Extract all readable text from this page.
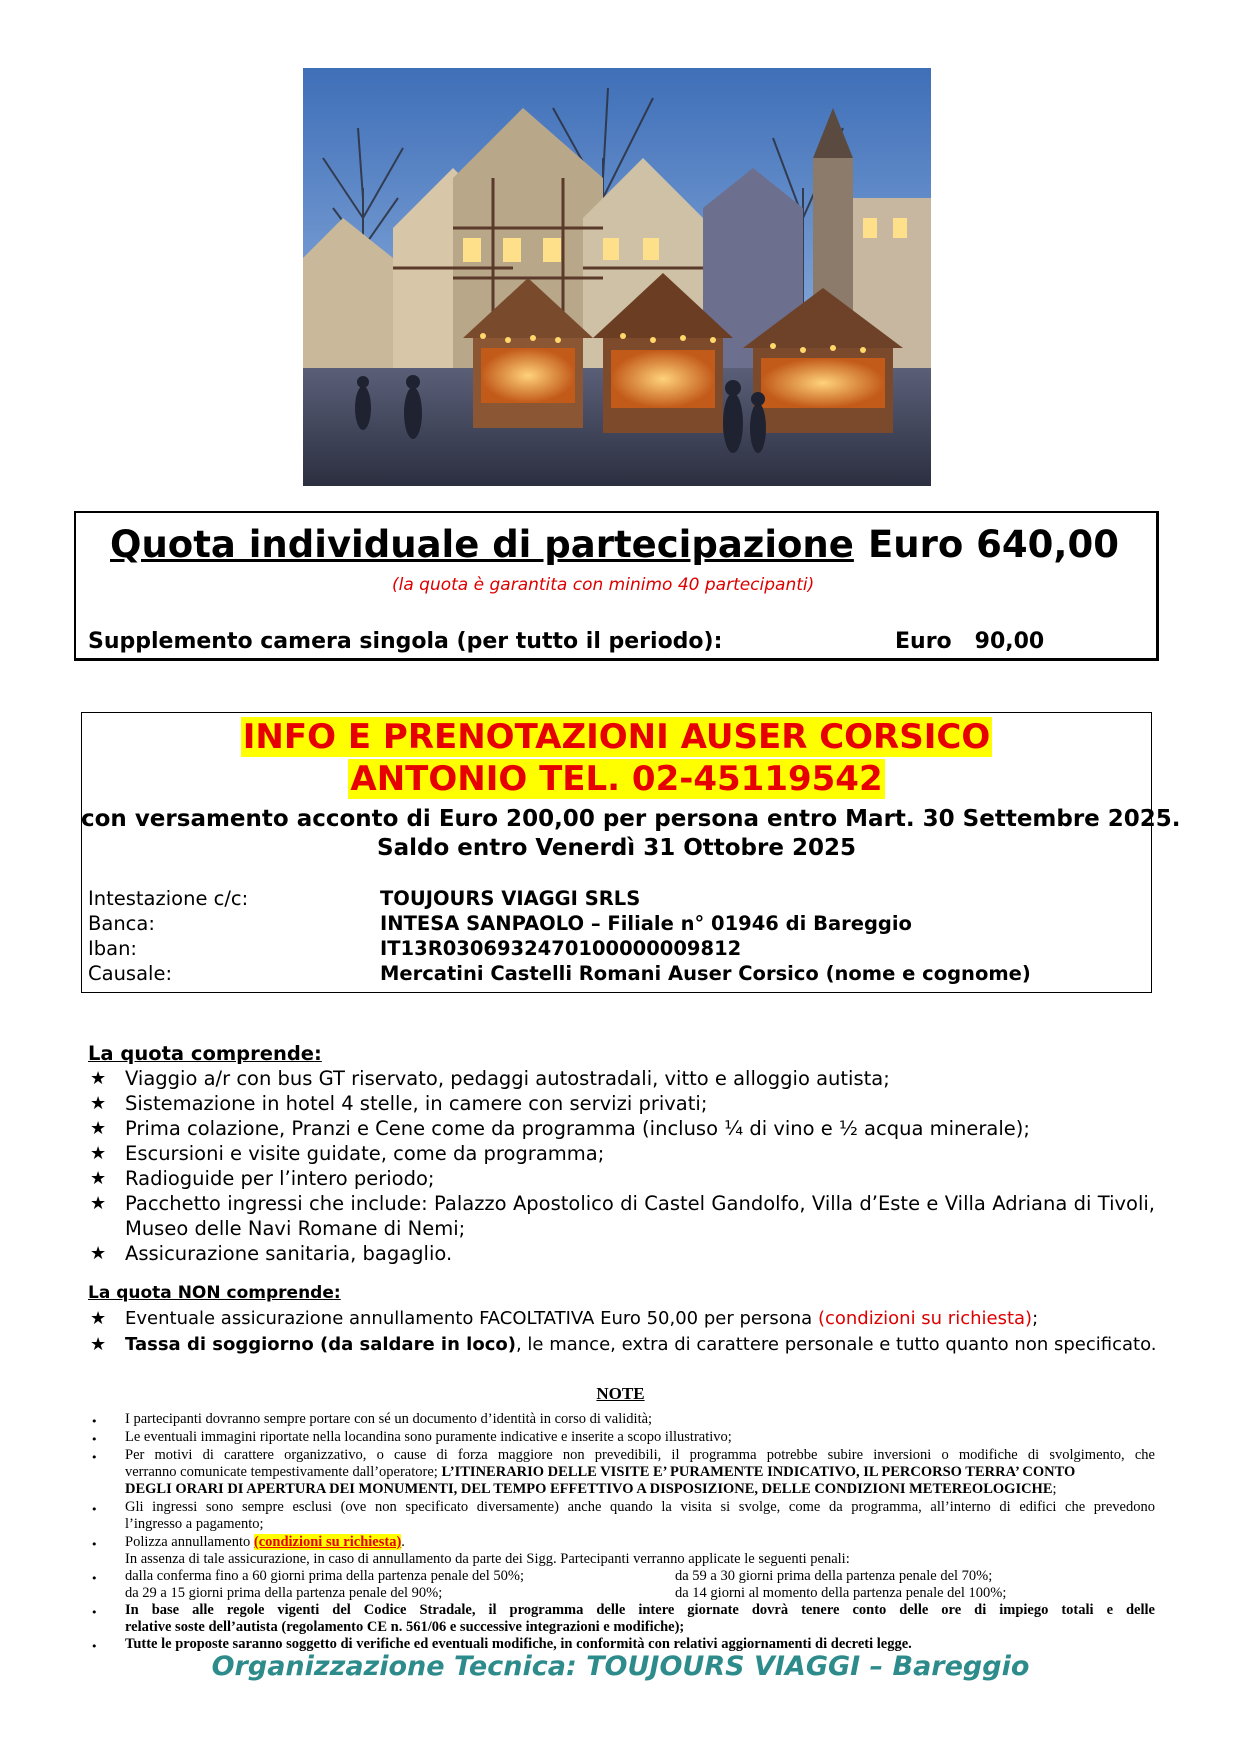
Quota individuale di partecipazione Euro 640,00
(la quota è garantita con minimo 40 partecipanti)
Supplemento camera singola (per tutto il periodo):	Euro   90,00
INFO E PRENOTAZIONI AUSER CORSICO
ANTONIO TEL. 02-45119542
con versamento acconto di Euro 200,00 per persona entro Mart. 30 Settembre 2025.
Saldo entro Venerdì 31 Ottobre 2025
Intestazione c/c:	TOUJOURS VIAGGI SRLS
Banca:	INTESA SANPAOLO – Filiale n° 01946 di Bareggio
Iban:	IT13R0306932470100000009812
Causale:	Mercatini Castelli Romani Auser Corsico (nome e cognome)
La quota comprende:
★ Viaggio a/r con bus GT riservato, pedaggi autostradali, vitto e alloggio autista;
★ Sistemazione in hotel 4 stelle, in camere con servizi privati;
★ Prima colazione, Pranzi e Cene come da programma (incluso ¼ di vino e ½ acqua minerale);
★ Escursioni e visite guidate, come da programma;
★ Radioguide per l’intero periodo;
★ Pacchetto ingressi che include: Palazzo Apostolico di Castel Gandolfo, Villa d’Este e Villa Adriana di Tivoli,
Museo delle Navi Romane di Nemi;
★ Assicurazione sanitaria, bagaglio.
La quota NON comprende:
★ Eventuale assicurazione annullamento FACOLTATIVA Euro 50,00 per persona (condizioni su richiesta);
★ Tassa di soggiorno (da saldare in loco), le mance, extra di carattere personale e tutto quanto non specificato.
NOTE
• I partecipanti dovranno sempre portare con sé un documento d’identità in corso di validità;
• Le eventuali immagini riportate nella locandina sono puramente indicative e inserite a scopo illustrativo;
• Per motivi di carattere organizzativo, o cause di forza maggiore non prevedibili, il programma potrebbe subire inversioni o modifiche di svolgimento, che
verranno comunicate tempestivamente dall’operatore; L’ITINERARIO DELLE VISITE E’ PURAMENTE INDICATIVO, IL PERCORSO TERRA’ CONTO
DEGLI ORARI DI APERTURA DEI MONUMENTI, DEL TEMPO EFFETTIVO A DISPOSIZIONE, DELLE CONDIZIONI METEREOLOGICHE;
• Gli ingressi sono sempre esclusi (ove non specificato diversamente) anche quando la visita si svolge, come da programma, all’interno di edifici che prevedono
l’ingresso a pagamento;
• Polizza annullamento (condizioni su richiesta).
In assenza di tale assicurazione, in caso di annullamento da parte dei Sigg. Partecipanti verranno applicate le seguenti penali:
• dalla conferma fino a 60 giorni prima della partenza penale del 50%;	da 59 a 30 giorni prima della partenza penale del 70%;
da 29 a 15 giorni prima della partenza penale del 90%;	da 14 giorni al momento della partenza penale del 100%;
• In base alle regole vigenti del Codice Stradale, il programma delle intere giornate dovrà tenere conto delle ore di impiego totali e delle
relative soste dell’autista (regolamento CE n. 561/06 e successive integrazioni e modifiche);
• Tutte le proposte saranno soggetto di verifiche ed eventuali modifiche, in conformità con relativi aggiornamenti di decreti legge.
Organizzazione Tecnica: TOUJOURS VIAGGI – Bareggio
